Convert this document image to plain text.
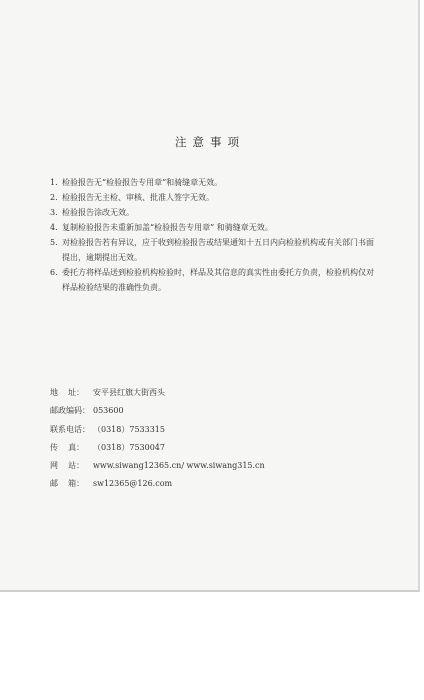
注意事项
1. 检验报告无“检验报告专用章”和骑缝章无效。
2. 检验报告无主检、审核、批准人签字无效。
3. 检验报告涂改无效。
4. 复制检验报告未重新加盖“检验报告专用章” 和骑缝章无效。
5. 对检验报告若有异议，应于收到检验报告或结果通知十五日内向检验机构或有关部门书面提出，逾期提出无效。
6. 委托方将样品送到检验机构检验时，样品及其信息的真实性由委托方负责，检验机构仅对样品检验结果的准确性负责。
地    址：	安平县红旗大街西头
邮政编码： 053600
联系电话： （0318）7533315
传    真：	（0318）7530047
网    站：	www.siwang12365.cn/ www.siwang315.cn
邮    箱：	sw12365@126.com
